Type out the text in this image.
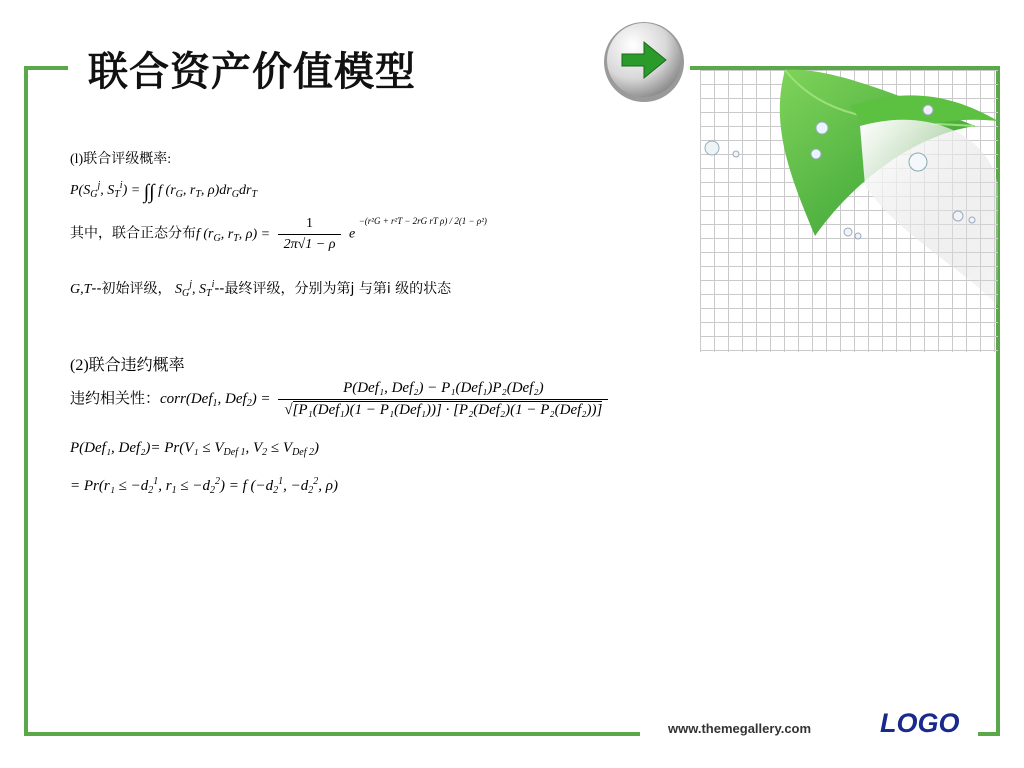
联合资产价值模型
(l)联合评级概率:
$P(S_G^j$, $S_T^i$) = ∫∫ f ($r_G$, $r_T$, $\rho)dr_Gdr_T$
其中，联合正态分布f ($r_G$, $r_T$, $\rho) = \frac{1}{2\pi√1 - \rho}$ e $^{-(r^2G + r^2T - 2rG rT \rho) / 2(1 - \rho^2)}$
G,T--初始评级， $S_G^j$, $S_T^i--$最终评级，分别为第j 与第i 级的状态
(2)联合违约概率
违约相关性：corr(Def$_1$, $Def_2) = \frac{\text{P(Def₁, Def₂) − P₁(Def₁)P₂(Def₂)}}{\text{√[P₁(Def₁)(1 − P₁(Def₁))] · [P₂(Def₂)(1 − P₂(Def₂))]}}$
P(Def₁, $Def_2)= Pr(V_1 \le V_{Def 1}$, $V_2 \le V_{Def 2}$)
= $Pr(r_1 \le -d_2^1$, $r_1 \le -d_2^2) = f$ ($-d_2^1$, $-d_2^2$, ρ)
www.themegallery.com	LOGO
